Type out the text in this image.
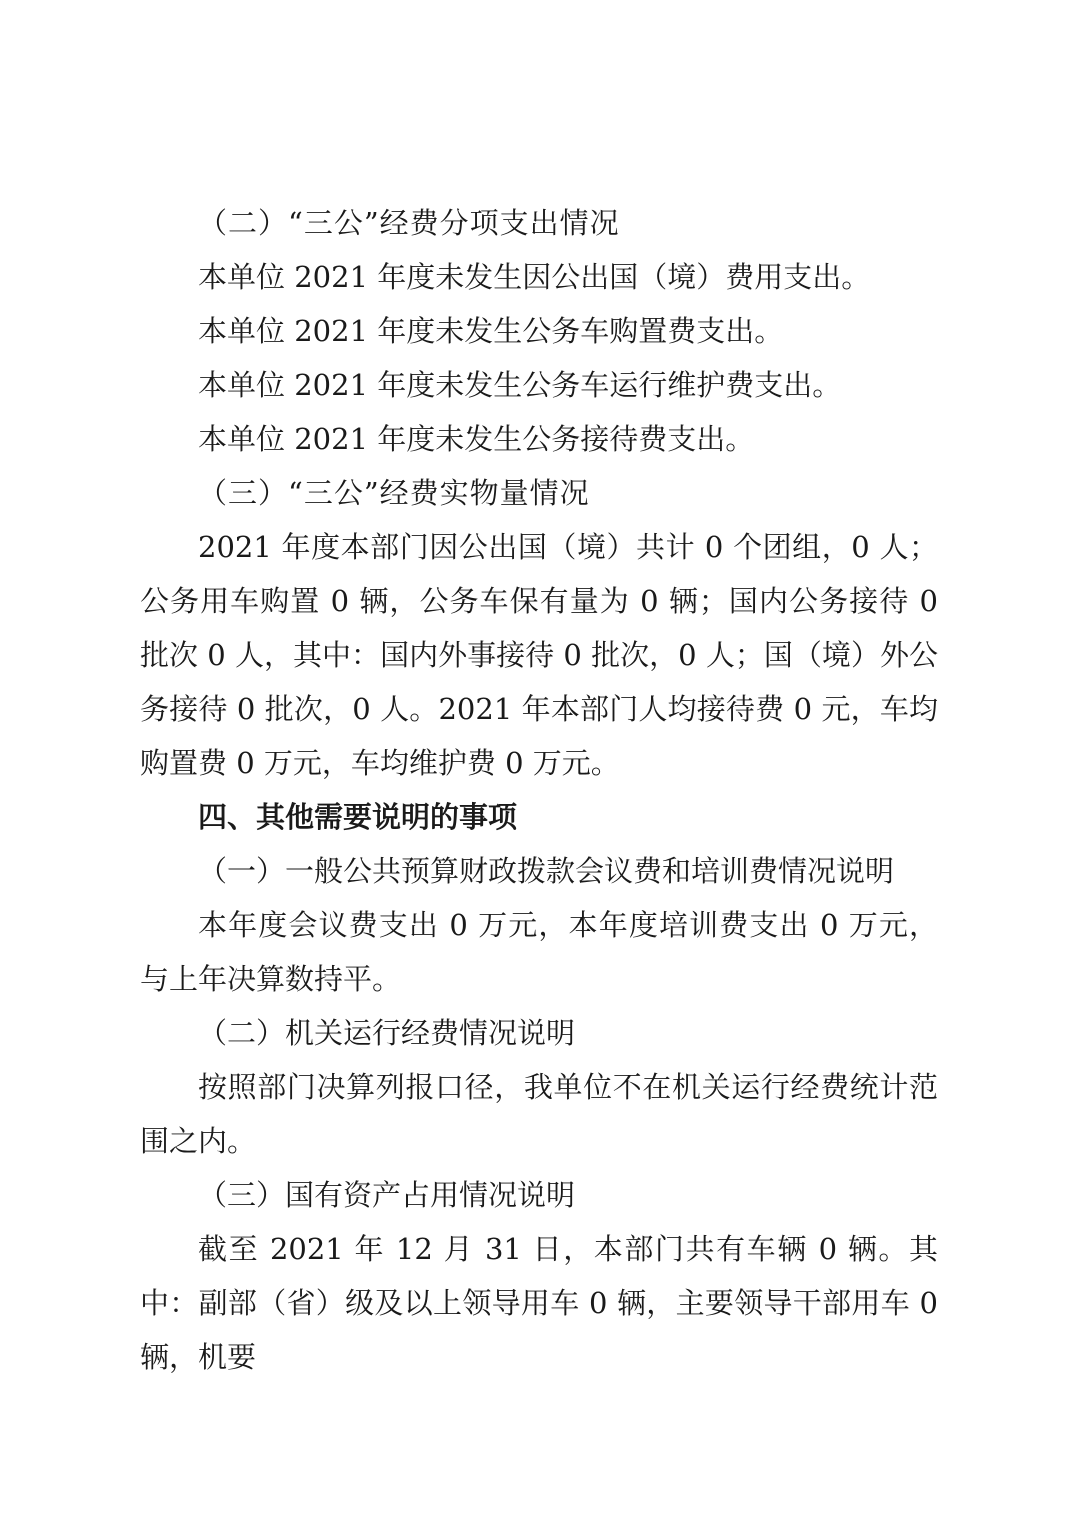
（二）“三公”经费分项支出情况

本单位 2021 年度未发生因公出国（境）费用支出。

本单位 2021 年度未发生公务车购置费支出。

本单位 2021 年度未发生公务车运行维护费支出。

本单位 2021 年度未发生公务接待费支出。

（三）“三公”经费实物量情况

2021 年度本部门因公出国（境）共计 0 个团组，0 人；公务用车购置 0 辆，公务车保有量为 0 辆；国内公务接待 0 批次 0 人，其中：国内外事接待 0 批次，0 人；国（境）外公务接待 0 批次，0 人。2021 年本部门人均接待费 0 元，车均购置费 0 万元，车均维护费 0 万元。

四、其他需要说明的事项

（一）一般公共预算财政拨款会议费和培训费情况说明

本年度会议费支出 0 万元，本年度培训费支出 0 万元，与上年决算数持平。

（二）机关运行经费情况说明

按照部门决算列报口径，我单位不在机关运行经费统计范围之内。

（三）国有资产占用情况说明

截至 2021 年 12 月 31 日，本部门共有车辆 0 辆。其中：副部（省）级及以上领导用车 0 辆，主要领导干部用车 0 辆，机要
